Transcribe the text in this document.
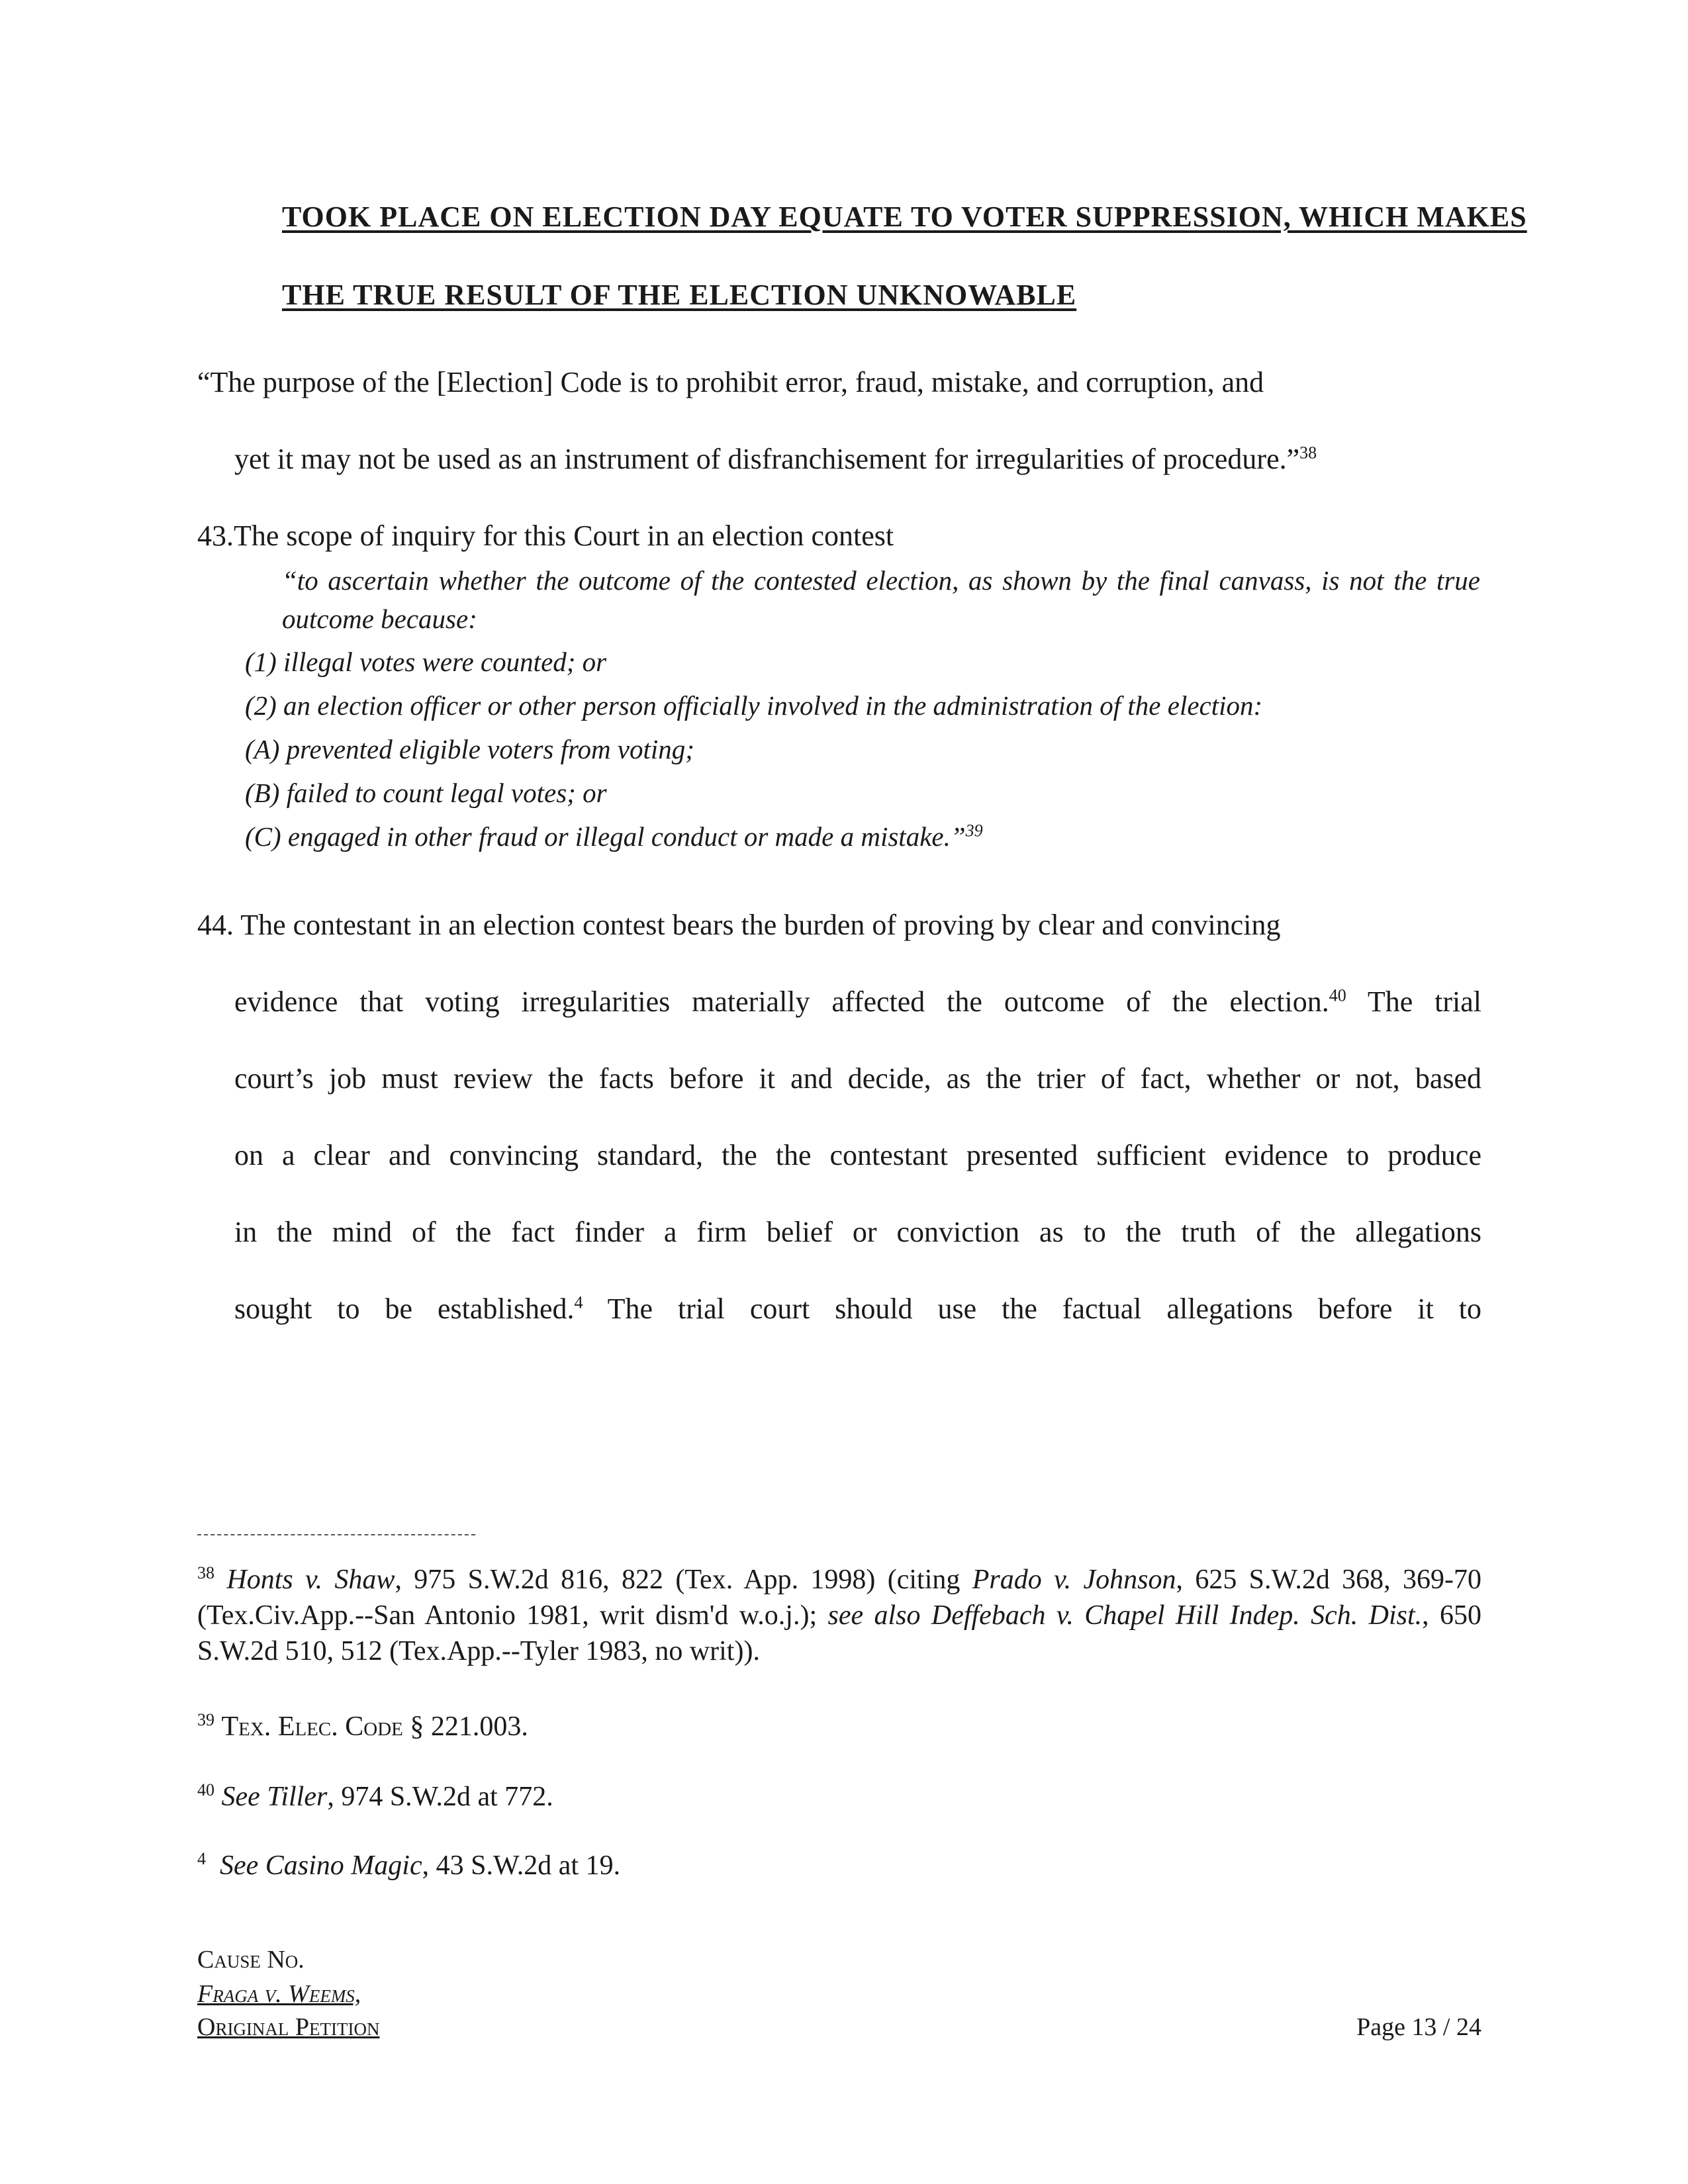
TOOK PLACE ON ELECTION DAY EQUATE TO VOTER SUPPRESSION, WHICH MAKES
THE TRUE RESULT OF THE ELECTION UNKNOWABLE
“The purpose of the [Election] Code is to prohibit error, fraud, mistake, and corruption, and
yet it may not be used as an instrument of disfranchisement for irregularities of procedure.”$^{38}$
43.The scope of inquiry for this Court in an election contest
“to ascertain whether the outcome of the contested election, as shown by the final canvass, is not the true outcome because:
(1) illegal votes were counted; or
(2) an election officer or other person officially involved in the administration of the election:
(A) prevented eligible voters from voting;
(B) failed to count legal votes; or
(C) engaged in other fraud or illegal conduct or made a mistake.”$^{39}$
44. The contestant in an election contest bears the burden of proving by clear and convincing
evidence that voting irregularities materially affected the outcome of the election.$^{40}$ The trial
court’s job must review the facts before it and decide, as the trier of fact, whether or not, based
on a clear and convincing standard, the the contestant presented sufficient evidence to produce
in the mind of the fact finder a firm belief or conviction as to the truth of the allegations
sought to be established.$^4$ The trial court should use the factual allegations before it to
$^{38}$ Honts v. Shaw, 975 S.W.2d 816, 822 (Tex. App. 1998) (citing Prado v. Johnson, 625 S.W.2d 368, 369-70 (Tex.Civ.App.--San Antonio 1981, writ dism'd w.o.j.); see also Deffebach v. Chapel Hill Indep. Sch. Dist., 650 S.W.2d 510, 512 (Tex.App.--Tyler 1983, no writ)).
$^{39}$ Tex. Elec. Code § 221.003.
$^{40}$ See Tiller, 974 S.W.2d at 772.
$^4$ See Casino Magic, 43 S.W.2d at 19.
Cause No.
Fraga v. Weems,
Original Petition	Page 13 / 24
